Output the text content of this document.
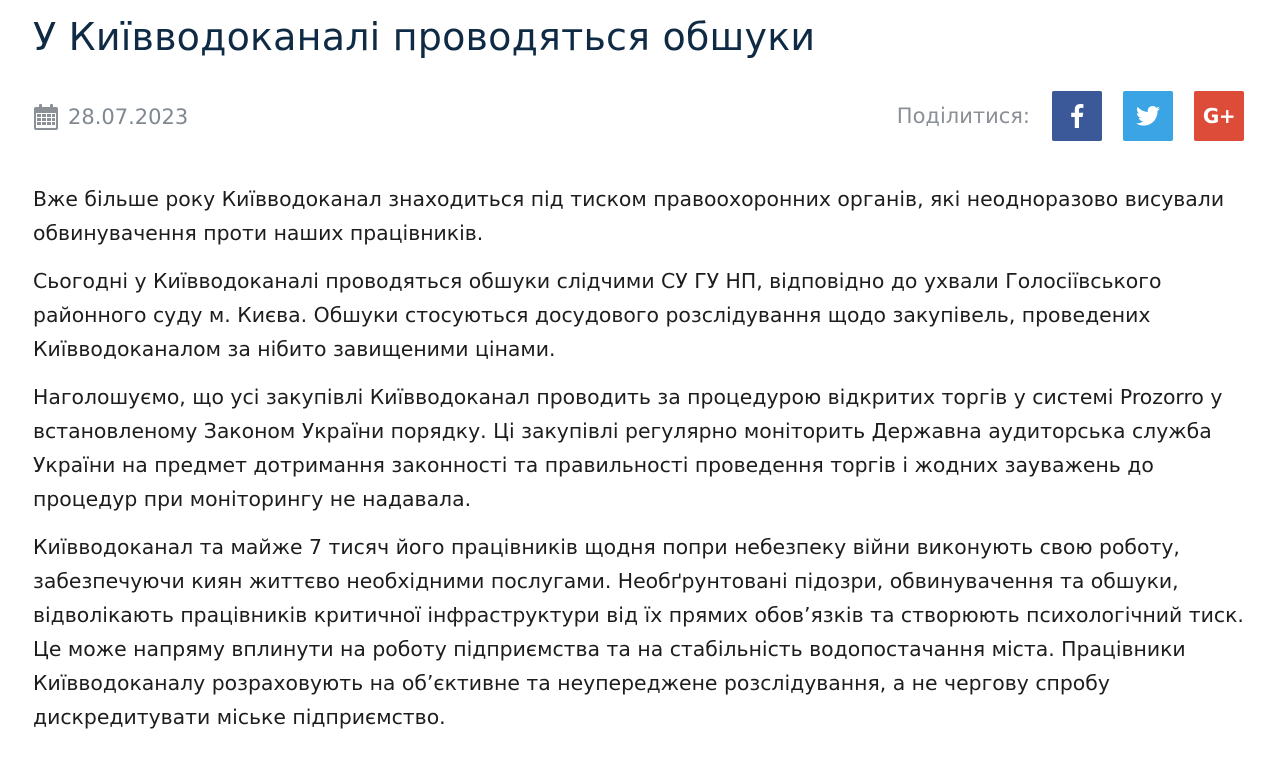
У Київводоканалі проводяться обшуки
28.07.2023	Поділитися:	G+

Вже більше року Київводоканал знаходиться під тиском правоохоронних органів, які неодноразово висували обвинувачення проти наших працівників.

Сьогодні у Київводоканалі проводяться обшуки слідчими СУ ГУ НП, відповідно до ухвали Голосіївського районного суду м. Києва. Обшуки стосуються досудового розслідування щодо закупівель, проведених Київводоканалом за нібито завищеними цінами.

Наголошуємо, що усі закупівлі Київводоканал проводить за процедурою відкритих торгів у системі Prozorro у встановленому Законом України порядку. Ці закупівлі регулярно моніторить Державна аудиторська служба України на предмет дотримання законності та правильності проведення торгів і жодних зауважень до процедур при моніторингу не надавала.

Київводоканал та майже 7 тисяч його працівників щодня попри небезпеку війни виконують свою роботу, забезпечуючи киян життєво необхідними послугами. Необґрунтовані підозри, обвинувачення та обшуки, відволікають працівників критичної інфраструктури від їх прямих обов’язків та створюють психологічний тиск. Це може напряму вплинути на роботу підприємства та на стабільність водопостачання міста. Працівники Київводоканалу розраховують на об’єктивне та неупереджене розслідування, а не чергову спробу дискредитувати міське підприємство.
